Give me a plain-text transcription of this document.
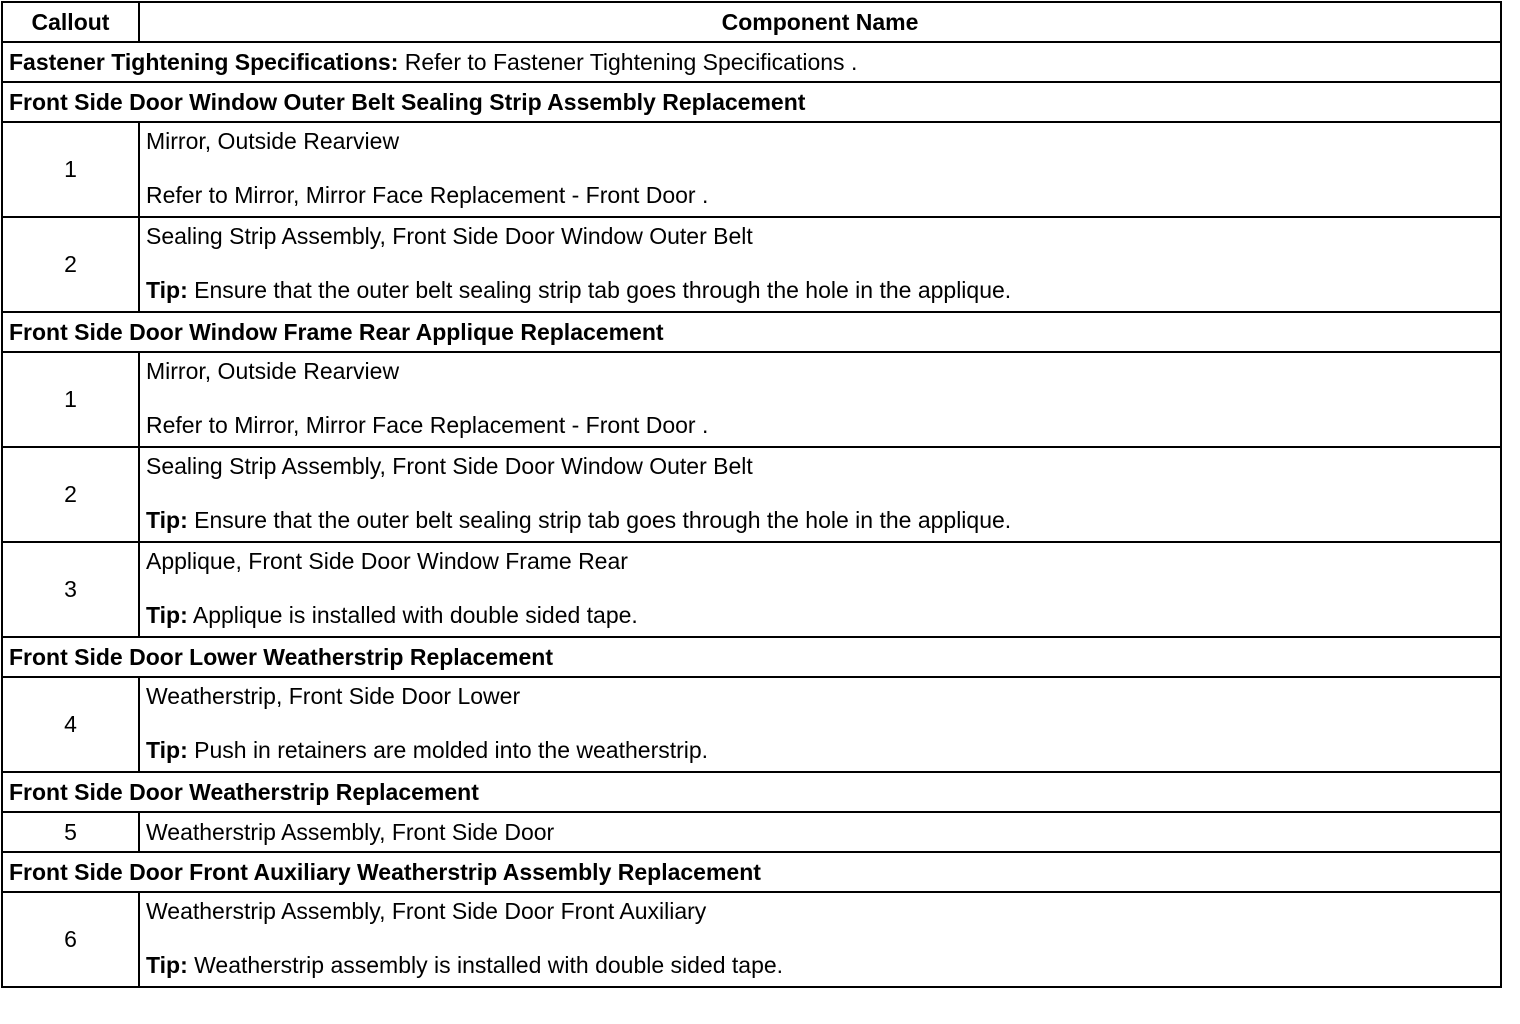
Callout	Component Name
Fastener Tightening Specifications: Refer to Fastener Tightening Specifications .	
Front Side Door Window Outer Belt Sealing Strip Assembly Replacement	
1	Mirror, Outside Rearview
Refer to Mirror, Mirror Face Replacement - Front Door .

2	Sealing Strip Assembly, Front Side Door Window Outer Belt
Tip: Ensure that the outer belt sealing strip tab goes through the hole in the applique.

Front Side Door Window Frame Rear Applique Replacement	
1	Mirror, Outside Rearview
Refer to Mirror, Mirror Face Replacement - Front Door .

2	Sealing Strip Assembly, Front Side Door Window Outer Belt
Tip: Ensure that the outer belt sealing strip tab goes through the hole in the applique.

3	Applique, Front Side Door Window Frame Rear
Tip: Applique is installed with double sided tape.

Front Side Door Lower Weatherstrip Replacement	
4	Weatherstrip, Front Side Door Lower
Tip: Push in retainers are molded into the weatherstrip.

Front Side Door Weatherstrip Replacement	
5	Weatherstrip Assembly, Front Side Door
Front Side Door Front Auxiliary Weatherstrip Assembly Replacement	
6	Weatherstrip Assembly, Front Side Door Front Auxiliary
Tip: Weatherstrip assembly is installed with double sided tape.
